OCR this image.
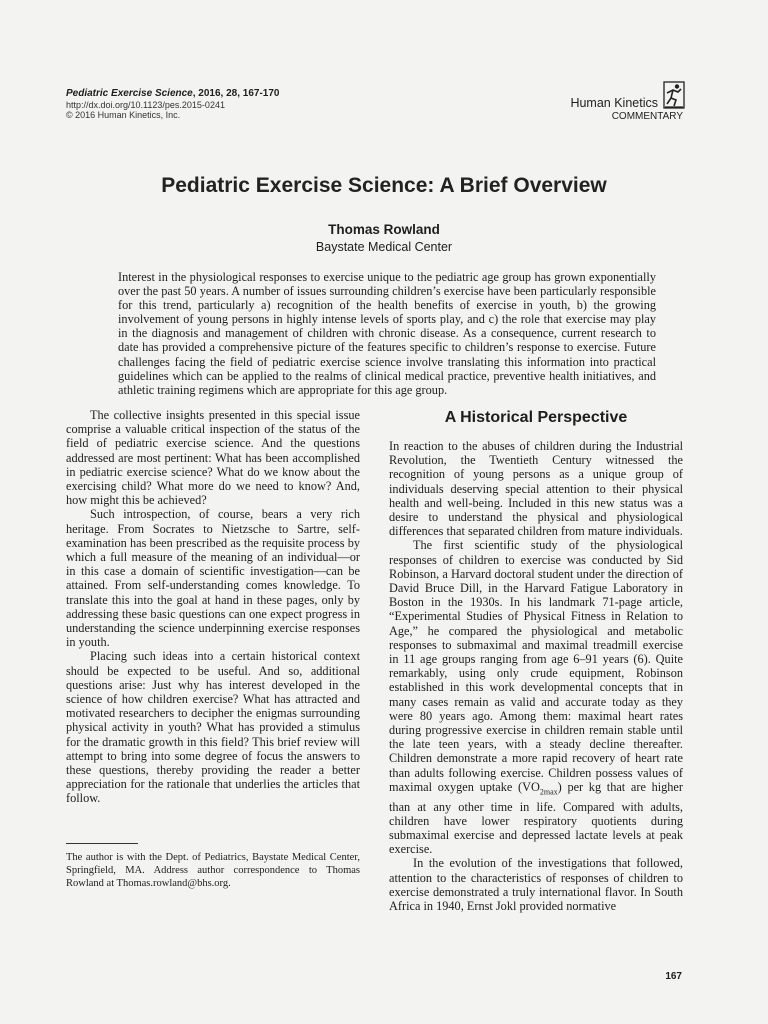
Pediatric Exercise Science, 2016, 28, 167-170
http://dx.doi.org/10.1123/pes.2015-0241
© 2016 Human Kinetics, Inc.
Human Kinetics
COMMENTARY
Pediatric Exercise Science: A Brief Overview
Thomas Rowland
Baystate Medical Center

Interest in the physiological responses to exercise unique to the pediatric age group has grown exponentially over the past 50 years. A number of issues surrounding children’s exercise have been particularly responsible for this trend, particularly a) recognition of the health benefits of exercise in youth, b) the growing involvement of young persons in highly intense levels of sports play, and c) the role that exercise may play in the diagnosis and management of children with chronic disease. As a consequence, current research to date has provided a comprehensive picture of the features specific to children’s response to exercise. Future challenges facing the field of pediatric exercise science involve translating this information into practical guidelines which can be applied to the realms of clinical medical practice, preventive health initiatives, and athletic training regimens which are appropriate for this age group.

The collective insights presented in this special issue comprise a valuable critical inspection of the status of the field of pediatric exercise science. And the questions addressed are most pertinent: What has been accomplished in pediatric exercise science? What do we know about the exercising child? What more do we need to know? And, how might this be achieved?

Such introspection, of course, bears a very rich heritage. From Socrates to Nietzsche to Sartre, self-examination has been prescribed as the requisite process by which a full measure of the meaning of an individual—or in this case a domain of scientific investigation—can be attained. From self-understanding comes knowledge. To translate this into the goal at hand in these pages, only by addressing these basic questions can one expect progress in understanding the science underpinning exercise responses in youth.

Placing such ideas into a certain historical context should be expected to be useful. And so, additional questions arise: Just why has interest developed in the science of how children exercise? What has attracted and motivated researchers to decipher the enigmas surrounding physical activity in youth? What has provided a stimulus for the dramatic growth in this field? This brief review will attempt to bring into some degree of focus the answers to these questions, thereby providing the reader a better appreciation for the rationale that underlies the articles that follow.

A Historical Perspective

In reaction to the abuses of children during the Industrial Revolution, the Twentieth Century witnessed the recognition of young persons as a unique group of individuals deserving special attention to their physical health and well-being. Included in this new status was a desire to understand the physical and physiological differences that separated children from mature individuals.

The first scientific study of the physiological responses of children to exercise was conducted by Sid Robinson, a Harvard doctoral student under the direction of David Bruce Dill, in the Harvard Fatigue Laboratory in Boston in the 1930s. In his landmark 71-page article, “Experimental Studies of Physical Fitness in Relation to Age,” he compared the physiological and metabolic responses to submaximal and maximal treadmill exercise in 11 age groups ranging from age 6–91 years (6). Quite remarkably, using only crude equipment, Robinson established in this work developmental concepts that in many cases remain as valid and accurate today as they were 80 years ago. Among them: maximal heart rates during progressive exercise in children remain stable until the late teen years, with a steady decline thereafter. Children demonstrate a more rapid recovery of heart rate than adults following exercise. Children possess values of maximal oxygen uptake $(VO_{2max})$ per kg that are higher than at any other time in life. Compared with adults, children have lower respiratory quotients during submaximal exercise and depressed lactate levels at peak exercise.

In the evolution of the investigations that followed, attention to the characteristics of responses of children to exercise demonstrated a truly international flavor. In South Africa in 1940, Ernst Jokl provided normative

The author is with the Dept. of Pediatrics, Baystate Medical Center, Springfield, MA. Address author correspondence to Thomas Rowland at Thomas.rowland@bhs.org.

167
